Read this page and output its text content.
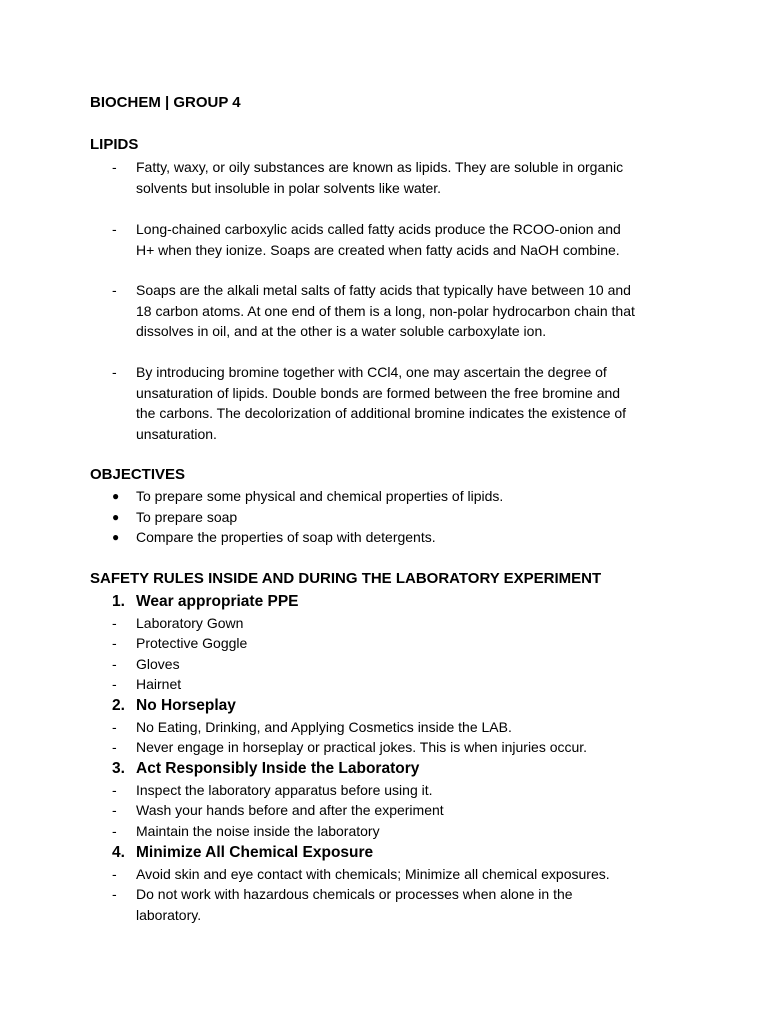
BIOCHEM | GROUP 4

LIPIDS

- Fatty, waxy, or oily substances are known as lipids. They are soluble in organic
solvents but insoluble in polar solvents like water.
- Long-chained carboxylic acids called fatty acids produce the RCOO-onion and
H+ when they ionize. Soaps are created when fatty acids and NaOH combine.
- Soaps are the alkali metal salts of fatty acids that typically have between 10 and
18 carbon atoms. At one end of them is a long, non-polar hydrocarbon chain that
dissolves in oil, and at the other is a water soluble carboxylate ion.
- By introducing bromine together with CCl4, one may ascertain the degree of
unsaturation of lipids. Double bonds are formed between the free bromine and
the carbons. The decolorization of additional bromine indicates the existence of
unsaturation.

OBJECTIVES

● To prepare some physical and chemical properties of lipids.
● To prepare soap
● Compare the properties of soap with detergents.

SAFETY RULES INSIDE AND DURING THE LABORATORY EXPERIMENT

1. Wear appropriate PPE

- Laboratory Gown
- Protective Goggle
- Gloves
- Hairnet

2. No Horseplay

- No Eating, Drinking, and Applying Cosmetics inside the LAB.
- Never engage in horseplay or practical jokes. This is when injuries occur.

3. Act Responsibly Inside the Laboratory

- Inspect the laboratory apparatus before using it.
- Wash your hands before and after the experiment
- Maintain the noise inside the laboratory

4. Minimize All Chemical Exposure

- Avoid skin and eye contact with chemicals; Minimize all chemical exposures.
- Do not work with hazardous chemicals or processes when alone in the
laboratory.
